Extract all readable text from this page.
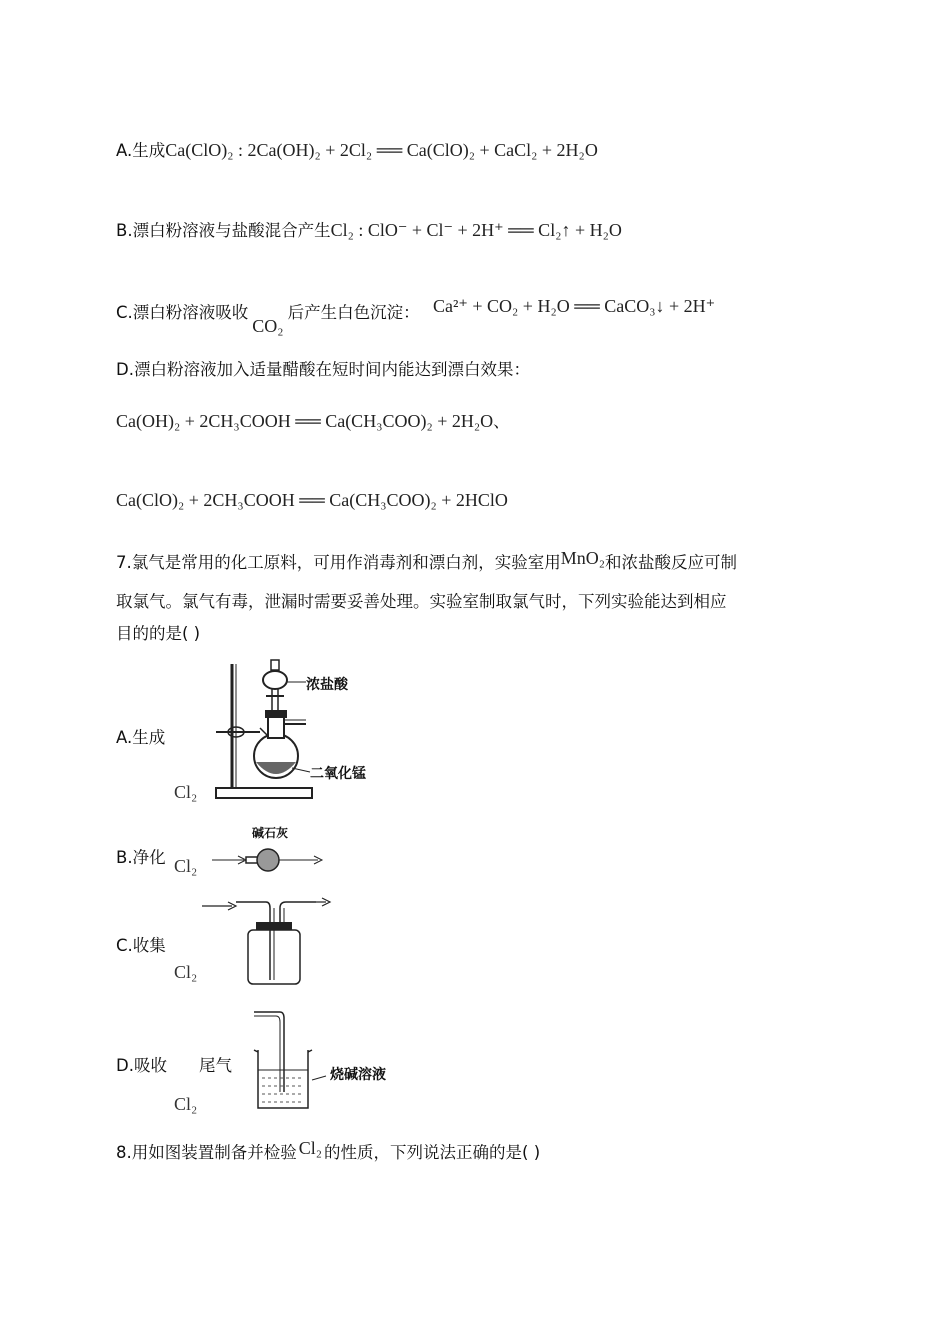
A.生成Ca(ClO)₂ : 2Ca(OH)₂ + 2Cl₂ ══ Ca(ClO)₂ + CaCl₂ + 2H₂O
B.漂白粉溶液与盐酸混合产生Cl₂ : ClO⁻ + Cl⁻ + 2H⁺ ══ Cl₂↑ + H₂O
C.漂白粉溶液吸收CO₂后产生白色沉淀： Ca²⁺ + CO₂ + H₂O ══ CaCO₃↓ + 2H⁺
D.漂白粉溶液加入适量醋酸在短时间内能达到漂白效果：
Ca(OH)₂ + 2CH₃COOH ══ Ca(CH₃COO)₂ + 2H₂O、
Ca(ClO)₂ + 2CH₃COOH ══ Ca(CH₃COO)₂ + 2HClO
7.氯气是常用的化工原料，可用作消毒剂和漂白剂，实验室用MnO₂和浓盐酸反应可制
取氯气。氯气有毒，泄漏时需要妥善处理。实验室制取氯气时，下列实验能达到相应
目的的是( )
A.生成
Cl₂
浓盐酸
二氧化锰
B.净化 Cl₂
碱石灰
C.收集
Cl₂
D.吸收 尾气
Cl₂
烧碱溶液
8.用如图装置制备并检验 Cl₂ 的性质，下列说法正确的是( )
